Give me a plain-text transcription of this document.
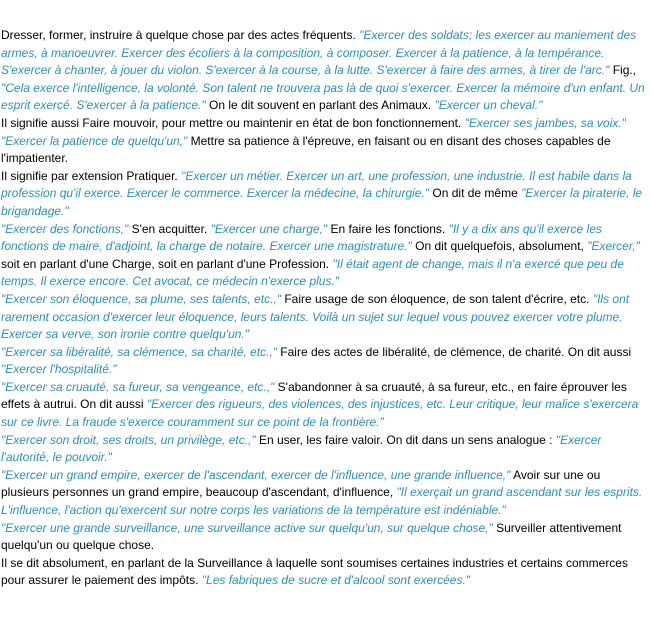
Dresser, former, instruire à quelque chose par des actes fréquents. "Exercer des soldats; les exercer au maniement des armes, à manoeuvrer. Exercer des écoliers à la composition, à composer. Exercer à la patience, à la tempérance. S'exercer à chanter, à jouer du violon. S'exercer à la course, à la lutte. S'exercer à faire des armes, à tirer de l'arc." Fig., "Cela exerce l'intelligence, la volonté. Son talent ne trouvera pas là de quoi s'exercer. Exercer la mémoire d'un enfant. Un esprit exercé. S'exercer à la patience." On le dit souvent en parlant des Animaux. "Exercer un cheval."
Il signifie aussi Faire mouvoir, pour mettre ou maintenir en état de bon fonctionnement. "Exercer ses jambes, sa voix." "Exercer la patience de quelqu'un," Mettre sa patience à l'épreuve, en faisant ou en disant des choses capables de l'impatienter.
Il signifie par extension Pratiquer. "Exercer un métier. Exercer un art, une profession, une industrie. Il est habile dans la profession qu'il exerce. Exercer le commerce. Exercer la médecine, la chirurgie." On dit de même "Exercer la piraterie, le brigandage."
"Exercer des fonctions," S'en acquitter. "Exercer une charge," En faire les fonctions. "Il y a dix ans qu'il exerce les fonctions de maire, d'adjoint, la charge de notaire. Exercer une magistrature." On dit quelquefois, absolument, "Exercer," soit en parlant d'une Charge, soit en parlant d'une Profession. "Il était agent de change, mais il n'a exercé que peu de temps. Il exerce encore. Cet avocat, ce médecin n'exerce plus."
"Exercer son éloquence, sa plume, ses talents, etc.," Faire usage de son éloquence, de son talent d'écrire, etc. "Ils ont rarement occasion d'exercer leur éloquence, leurs talents. Voilà un sujet sur lequel vous pouvez exercer votre plume. Exercer sa verve, son ironie contre quelqu'un."
"Exercer sa libéralité, sa clémence, sa charité, etc.," Faire des actes de libéralité, de clémence, de charité. On dit aussi "Exercer l'hospitalité."
"Exercer sa cruauté, sa fureur, sa vengeance, etc.," S'abandonner à sa cruauté, à sa fureur, etc., en faire éprouver les effets à autrui. On dit aussi "Exercer des rigueurs, des violences, des injustices, etc. Leur critique, leur malice s'exercera sur ce livre. La fraude s'exerce couramment sur ce point de la frontière."
"Exercer son droit, ses droits, un privilège, etc.," En user, les faire valoir. On dit dans un sens analogue : "Exercer l'autorité, le pouvoir."
"Exercer un grand empire, exercer de l'ascendant, exercer de l'influence, une grande influence," Avoir sur une ou plusieurs personnes un grand empire, beaucoup d'ascendant, d'influence, "Il exerçait un grand ascendant sur les esprits. L'influence, l'action qu'exercent sur notre corps les variations de la température est indéniable."
"Exercer une grande surveillance, une surveillance active sur quelqu'un, sur quelque chose," Surveiller attentivement quelqu'un ou quelque chose.
Il se dit absolument, en parlant de la Surveillance à laquelle sont soumises certaines industries et certains commerces pour assurer le paiement des impôts. "Les fabriques de sucre et d'alcool sont exercées."
